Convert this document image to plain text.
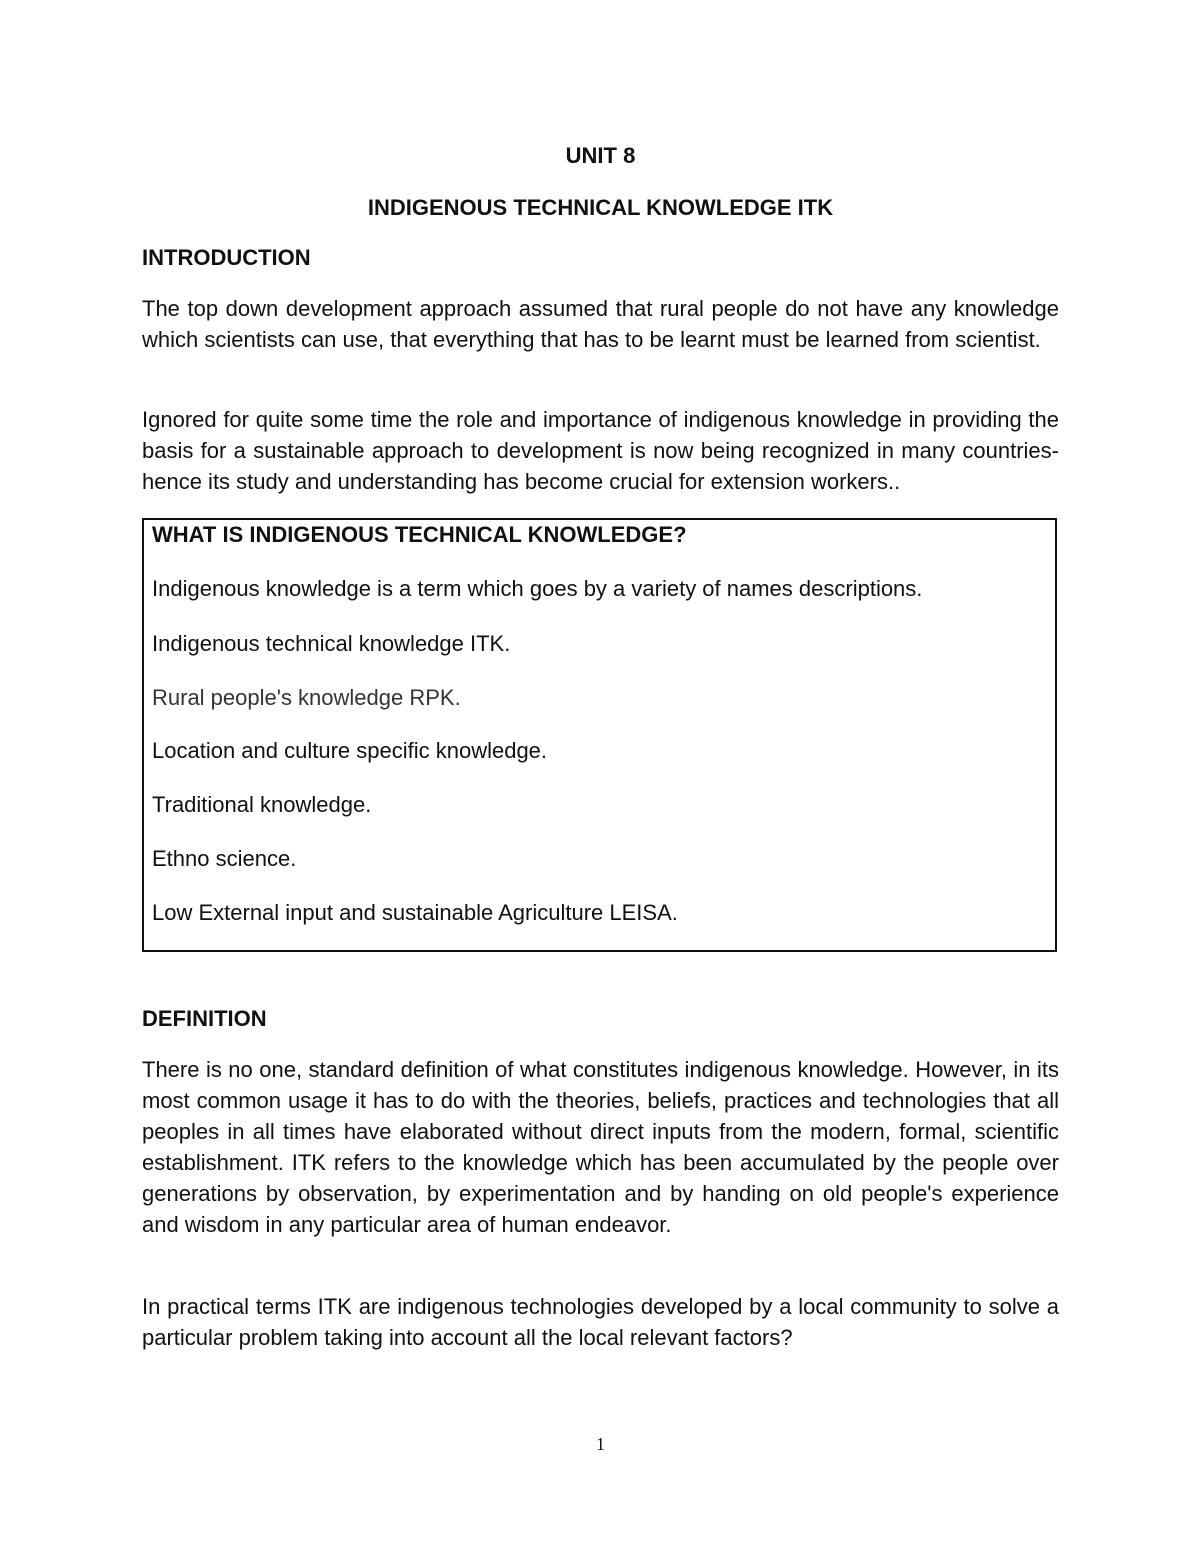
UNIT 8
INDIGENOUS TECHNICAL KNOWLEDGE ITK
INTRODUCTION

The top down development approach assumed that rural people do not have any knowledge which scientists can use, that everything that has to be learnt must be learned from scientist.

Ignored for quite some time the role and importance of indigenous knowledge in providing the basis for a sustainable approach to development is now being recognized in many countries- hence its study and understanding has become crucial for extension workers..

WHAT IS INDIGENOUS TECHNICAL KNOWLEDGE?
Indigenous knowledge is a term which goes by a variety of names descriptions.
Indigenous technical knowledge ITK.
Rural people's knowledge RPK.
Location and culture specific knowledge.
Traditional knowledge.
Ethno science.
Low External input and sustainable Agriculture LEISA.
DEFINITION

There is no one, standard definition of what constitutes indigenous knowledge. However, in its most common usage it has to do with the theories, beliefs, practices and technologies that all peoples in all times have elaborated without direct inputs from the modern, formal, scientific establishment. ITK refers to the knowledge which has been accumulated by the people over generations by observation, by experimentation and by handing on old people's experience and wisdom in any particular area of human endeavor.

In practical terms ITK are indigenous technologies developed by a local community to solve a particular problem taking into account all the local relevant factors?

1
